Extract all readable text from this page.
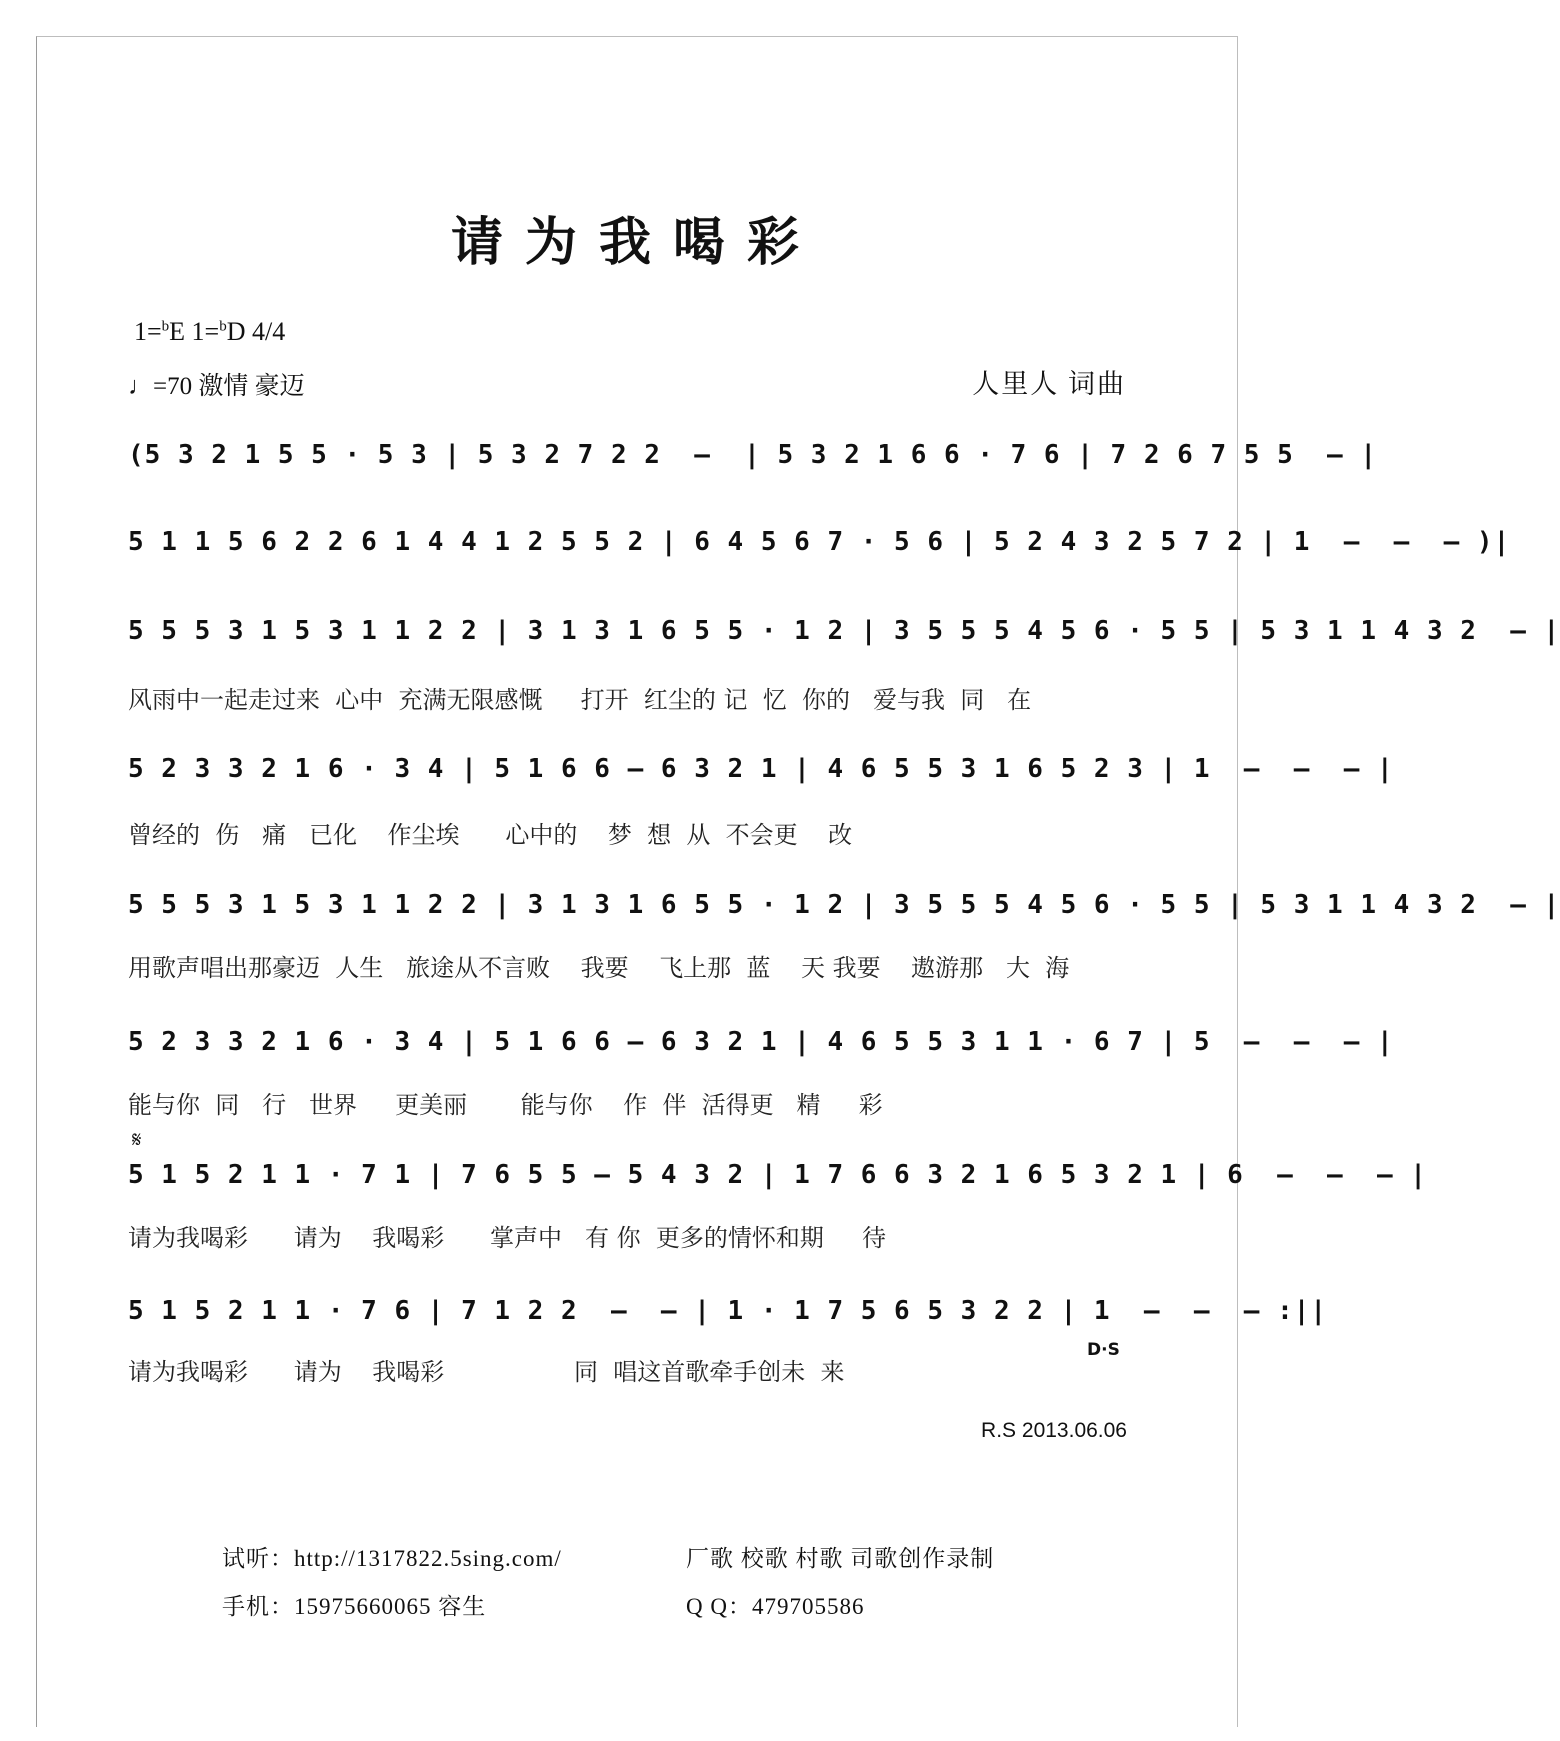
请为我喝彩
1=$^b$E 1=$^b$D 4/4
♩=70 激情 豪迈	人里人 词曲
(5 3 2 1 5 5 · 5 3 | 5 3 2 7 2 2  –  | 5 3 2 1 6 6 · 7 6 | 7 2 6 7 5 5  – |
5 1 1 5 6 2 2 6 1 4 4 1 2 5 5 2 | 6 4 5 6 7 · 5 6 | 5 2 4 3 2 5 7 2 | 1  –  –  – )|
5 5 5 3 1 5 3 1 1 2 2 | 3 1 3 1 6 5 5 · 1 2 | 3 5 5 5 4 5 6 · 5 5 | 5 3 1 1 4 3 2  – |
风雨中一起走过来  心中  充满无限感慨     打开  红尘的 记  忆  你的   爱与我  同   在
5 2 3 3 2 1 6 · 3 4 | 5 1 6 6 – 6 3 2 1 | 4 6 5 5 3 1 6 5 2 3 | 1  –  –  – |
曾经的  伤   痛   已化    作尘埃      心中的    梦  想  从  不会更    改
5 5 5 3 1 5 3 1 1 2 2 | 3 1 3 1 6 5 5 · 1 2 | 3 5 5 5 4 5 6 · 5 5 | 5 3 1 1 4 3 2  – |
用歌声唱出那豪迈  人生   旅途从不言败    我要    飞上那  蓝    天 我要    遨游那   大  海
5 2 3 3 2 1 6 · 3 4 | 5 1 6 6 – 6 3 2 1 | 4 6 5 5 3 1 1 · 6 7 | 5  –  –  – |
能与你  同   行   世界     更美丽       能与你    作  伴  活得更   精     彩
𝄋
5 1 5 2 1 1 · 7 1 | 7 6 5 5 – 5 4 3 2 | 1 7 6 6 3 2 1 6 5 3 2 1 | 6  –  –  – |
请为我喝彩      请为    我喝彩      掌声中   有 你  更多的情怀和期     待
5 1 5 2 1 1 · 7 6 | 7 1 2 2  –  – | 1 · 1 7 5 6 5 3 2 2 | 1  –  –  – :||
请为我喝彩      请为    我喝彩                 同  唱这首歌牵手创未  来
D·S
R.S 2013.06.06
试听：http://1317822.5sing.com/	厂歌 校歌 村歌 司歌创作录制
手机：15975660065 容生	Q Q：479705586
